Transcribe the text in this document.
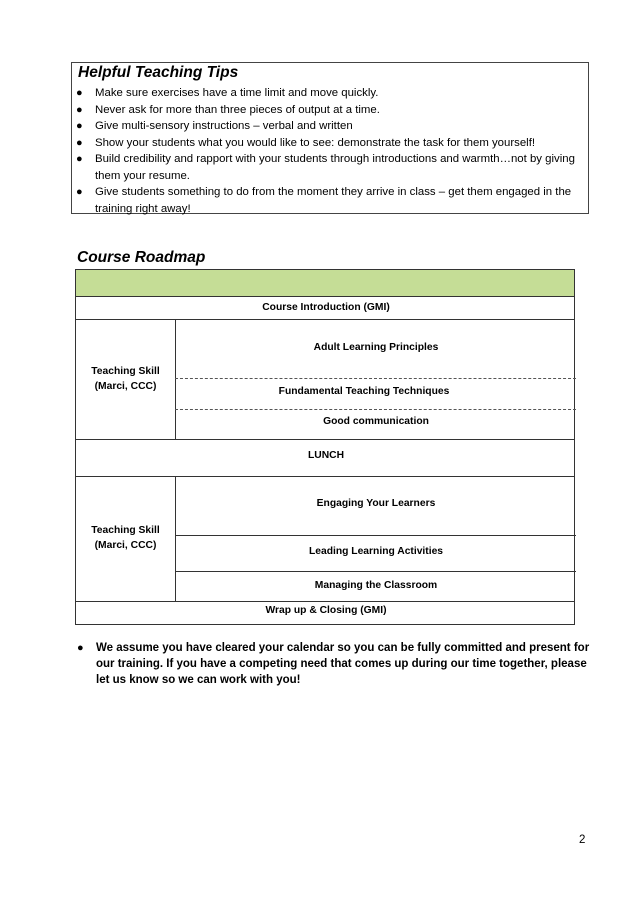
Helpful Teaching Tips
● Make sure exercises have a time limit and move quickly.
● Never ask for more than three pieces of output at a time.
● Give multi-sensory instructions – verbal and written
● Show your students what you would like to see: demonstrate the task for them yourself!
● Build credibility and rapport with your students through introductions and warmth…not by giving them your resume.
● Give students something to do from the moment they arrive in class – get them engaged in the training right away!
Course Roadmap
Course Introduction (GMI)
Teaching Skill
(Marci, CCC)
Adult Learning Principles
Fundamental Teaching Techniques
Good communication
LUNCH
Teaching Skill
(Marci, CCC)
Engaging Your Learners
Leading Learning Activities
Managing the Classroom
Wrap up & Closing (GMI)
● We assume you have cleared your calendar so you can be fully committed and present for our training. If you have a competing need that comes up during our time together, please let us know so we can work with you!
2
